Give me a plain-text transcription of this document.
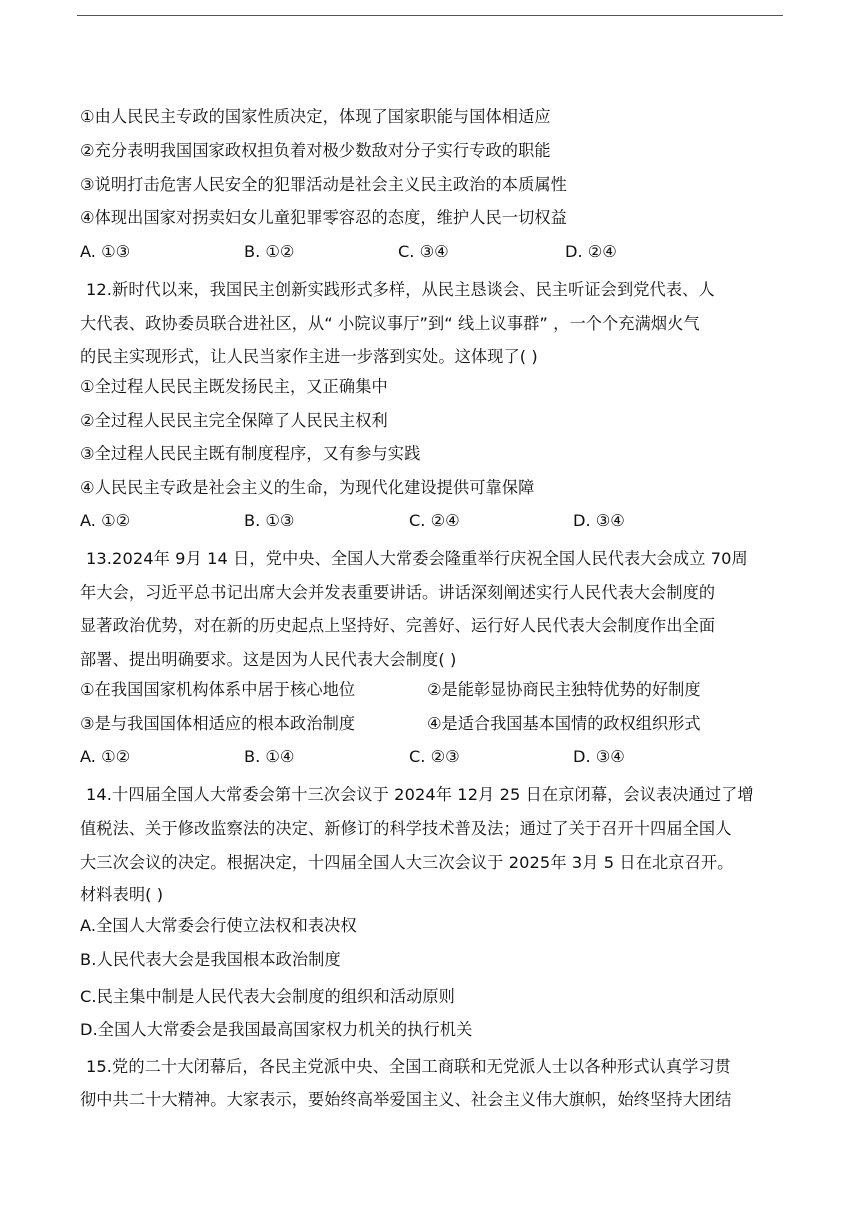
①由人民民主专政的国家性质决定，体现了国家职能与国体相适应
②充分表明我国国家政权担负着对极少数敌对分子实行专政的职能
③说明打击危害人民安全的犯罪活动是社会主义民主政治的本质属性
④体现出国家对拐卖妇女儿童犯罪零容忍的态度，维护人民一切权益
A. ①③	B. ①②	C. ③④	D. ②④
12.新时代以来，我国民主创新实践形式多样，从民主恳谈会、民主听证会到党代表、人
大代表、政协委员联合进社区，从“ 小院议事厅”到“ 线上议事群” ，一个个充满烟火气
的民主实现形式，让人民当家作主进一步落到实处。这体现了( )
①全过程人民民主既发扬民主，又正确集中
②全过程人民民主完全保障了人民民主权利
③全过程人民民主既有制度程序，又有参与实践
④人民民主专政是社会主义的生命，为现代化建设提供可靠保障
A. ①②	B. ①③	C. ②④	D. ③④
13.2024年 9月 14 日，党中央、全国人大常委会隆重举行庆祝全国人民代表大会成立 70周
年大会，习近平总书记出席大会并发表重要讲话。讲话深刻阐述实行人民代表大会制度的
显著政治优势，对在新的历史起点上坚持好、完善好、运行好人民代表大会制度作出全面
部署、提出明确要求。这是因为人民代表大会制度( )
①在我国国家机构体系中居于核心地位	②是能彰显协商民主独特优势的好制度
③是与我国国体相适应的根本政治制度	④是适合我国基本国情的政权组织形式
A. ①②	B. ①④	C. ②③	D. ③④
14.十四届全国人大常委会第十三次会议于 2024年 12月 25 日在京闭幕，会议表决通过了增
值税法、关于修改监察法的决定、新修订的科学技术普及法；通过了关于召开十四届全国人
大三次会议的决定。根据决定，十四届全国人大三次会议于 2025年 3月 5 日在北京召开。
材料表明( )
A.全国人大常委会行使立法权和表决权
B.人民代表大会是我国根本政治制度
C.民主集中制是人民代表大会制度的组织和活动原则
D.全国人大常委会是我国最高国家权力机关的执行机关
15.党的二十大闭幕后，各民主党派中央、全国工商联和无党派人士以各种形式认真学习贯
彻中共二十大精神。大家表示，要始终高举爱国主义、社会主义伟大旗帜，始终坚持大团结
